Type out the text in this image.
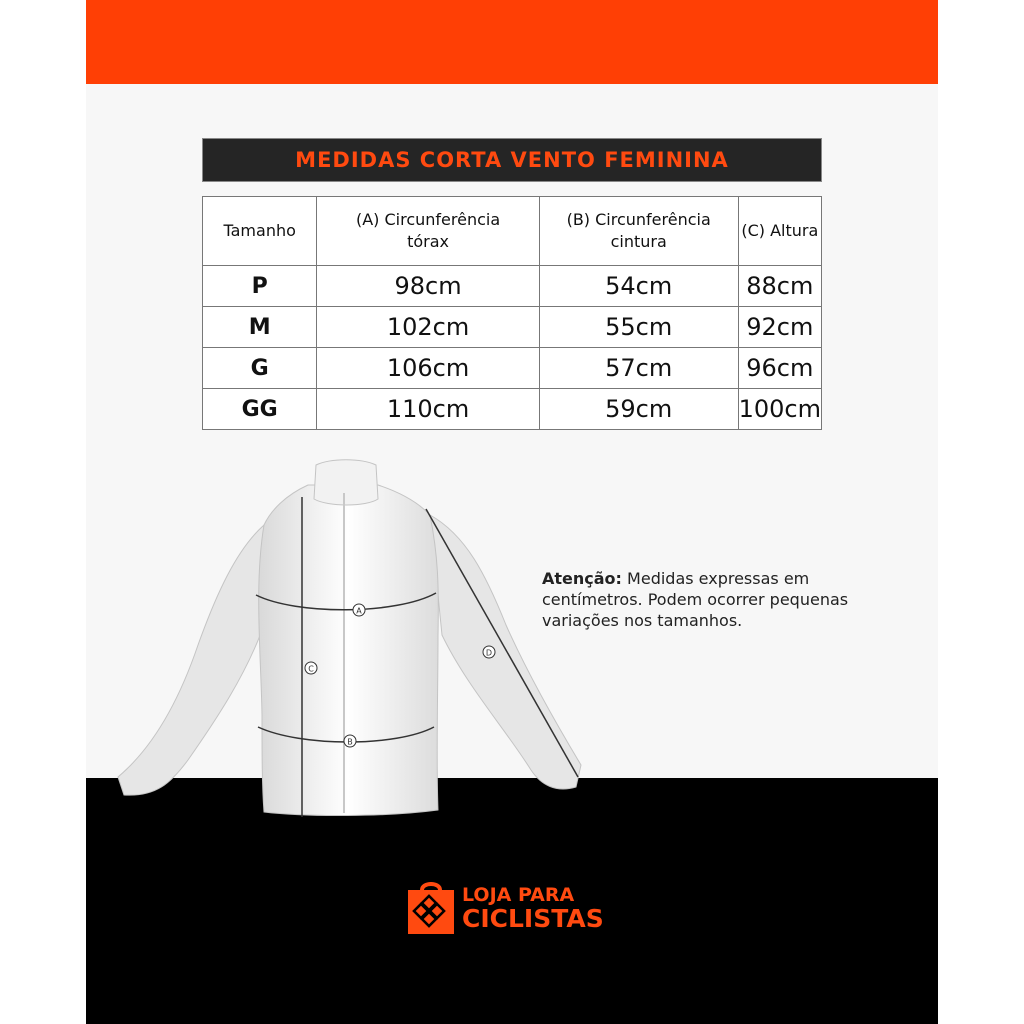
MEDIDAS CORTA VENTO FEMININA
Tamanho	(A) Circunferência tórax	(B) Circunferência cintura	(C) Altura
P	98cm	54cm	88cm
M	102cm	55cm	92cm
G	106cm	57cm	96cm
GG	110cm	59cm	100cm
A
B
C
D
Atenção: Medidas expressas em centímetros. Podem ocorrer pequenas variações nos tamanhos.
LOJA PARA
CICLISTAS
